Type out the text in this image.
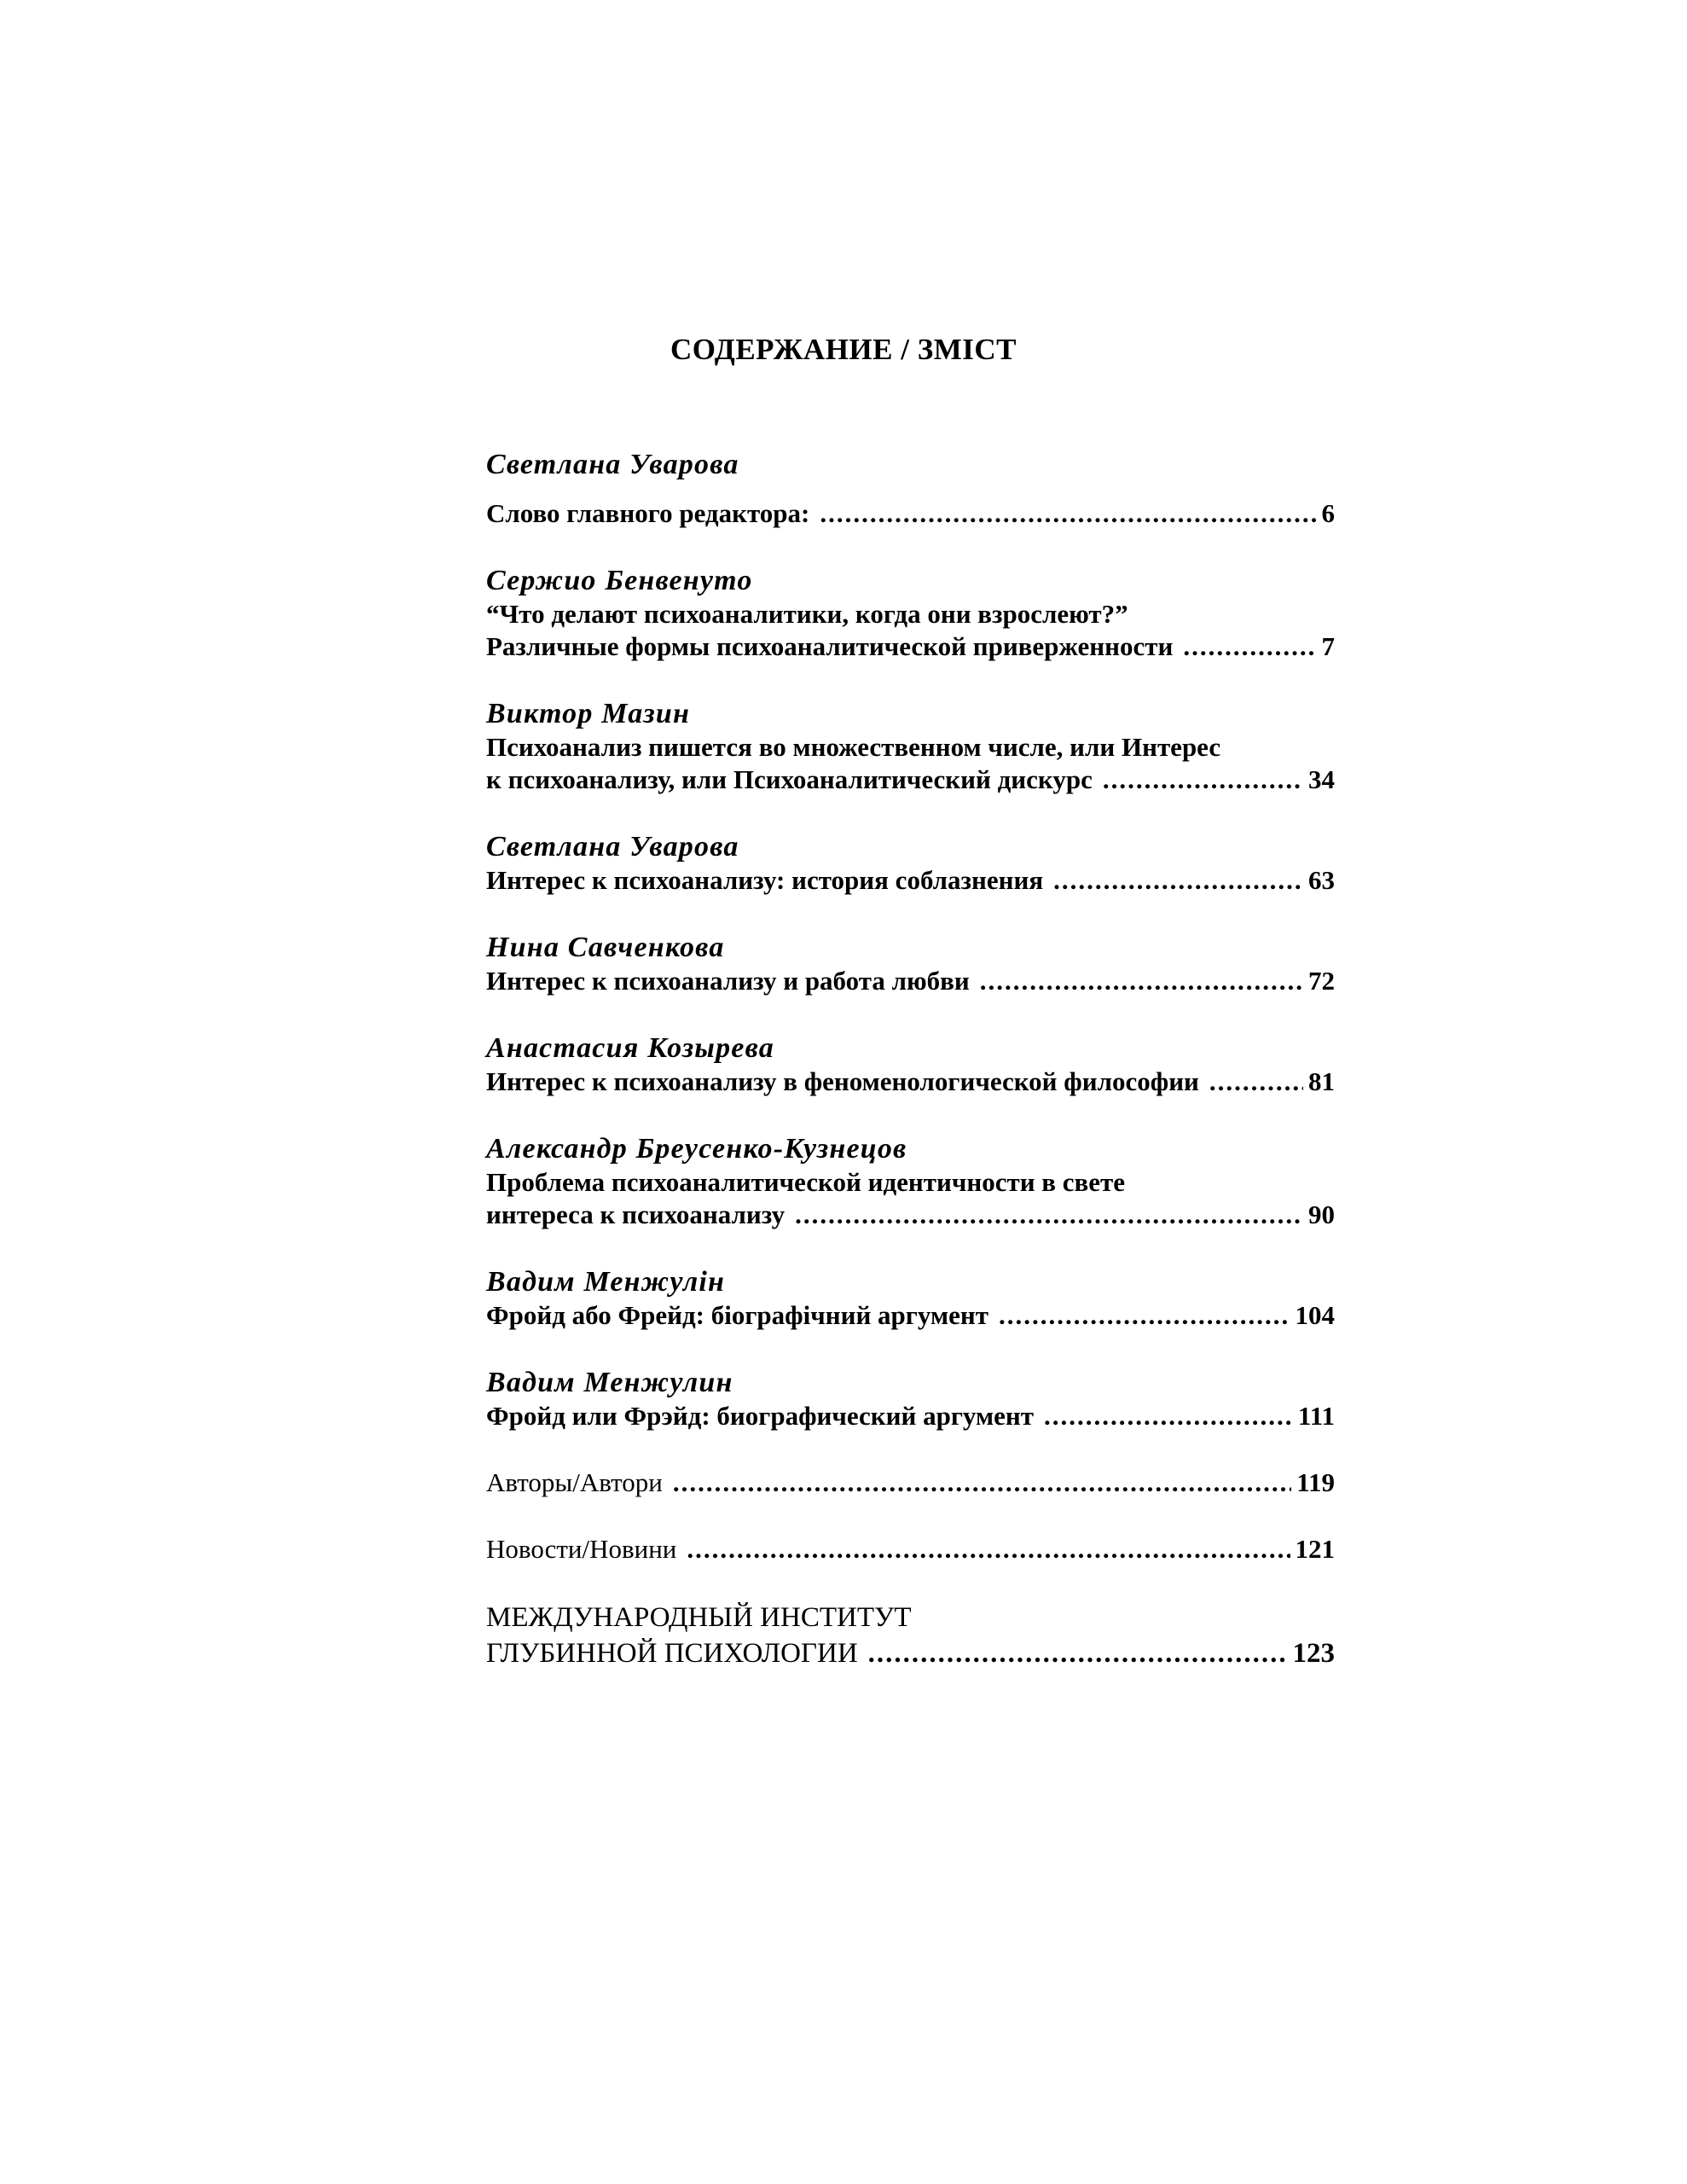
СОДЕРЖАНИЕ / ЗМІСТ
Светлана Уварова
Слово главного редактора: .....	6
Сержио Бенвенуто
“Что делают психоаналитики, когда они взрослеют?”
Различные формы психоаналитической приверженности .....	7
Виктор Мазин
Психоанализ пишется во множественном числе, или Интерес
к психоанализу, или Психоаналитический дискурс .....	34
Светлана Уварова
Интерес к психоанализу: история соблазнения .....	63
Нина Савченкова
Интерес к психоанализу и работа любви .....	72
Анастасия Козырева
Интерес к психоанализу в феноменологической философии .....	81
Александр Бреусенко-Кузнецов
Проблема психоаналитической идентичности в свете
интереса к психоанализу .....	90
Вадим Менжулiн
Фройд або Фрейд: біографічний аргумент .....	104
Вадим Менжулин
Фройд или Фрэйд: биографический аргумент .....	111
Авторы/Автори .....	119
Новости/Новини .....	121
МЕЖДУНАРОДНЫЙ ИНСТИТУТ
ГЛУБИННОЙ ПСИХОЛОГИИ .....	123
